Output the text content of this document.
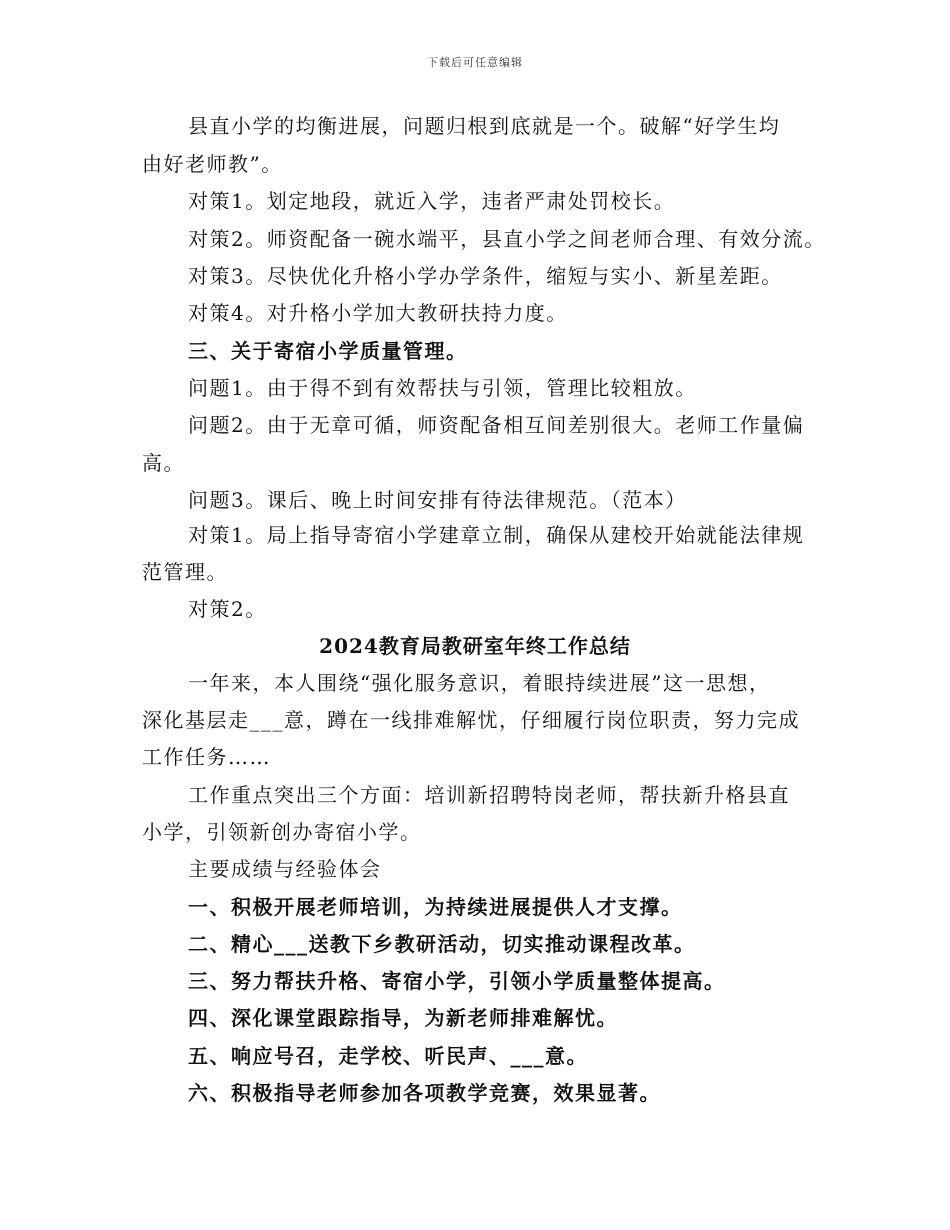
下载后可任意编辑
县直小学的均衡进展，问题归根到底就是一个。破解“好学生均
由好老师教”。
对策1。划定地段，就近入学，违者严肃处罚校长。
对策2。师资配备一碗水端平，县直小学之间老师合理、有效分流。
对策3。尽快优化升格小学办学条件，缩短与实小、新星差距。
对策4。对升格小学加大教研扶持力度。
三、关于寄宿小学质量管理。
问题1。由于得不到有效帮扶与引领，管理比较粗放。
问题2。由于无章可循，师资配备相互间差别很大。老师工作量偏
高。
问题3。课后、晚上时间安排有待法律规范。（范本）
对策1。局上指导寄宿小学建章立制，确保从建校开始就能法律规
范管理。
对策2。
2024教育局教研室年终工作总结
一年来，本人围绕“强化服务意识，着眼持续进展”这一思想，
深化基层走___意，蹲在一线排难解忧，仔细履行岗位职责，努力完成
工作任务……
工作重点突出三个方面：培训新招聘特岗老师，帮扶新升格县直
小学，引领新创办寄宿小学。
主要成绩与经验体会
一、积极开展老师培训，为持续进展提供人才支撑。
二、精心___送教下乡教研活动，切实推动课程改革。
三、努力帮扶升格、寄宿小学，引领小学质量整体提高。
四、深化课堂跟踪指导，为新老师排难解忧。
五、响应号召，走学校、听民声、___意。
六、积极指导老师参加各项教学竞赛，效果显著。
